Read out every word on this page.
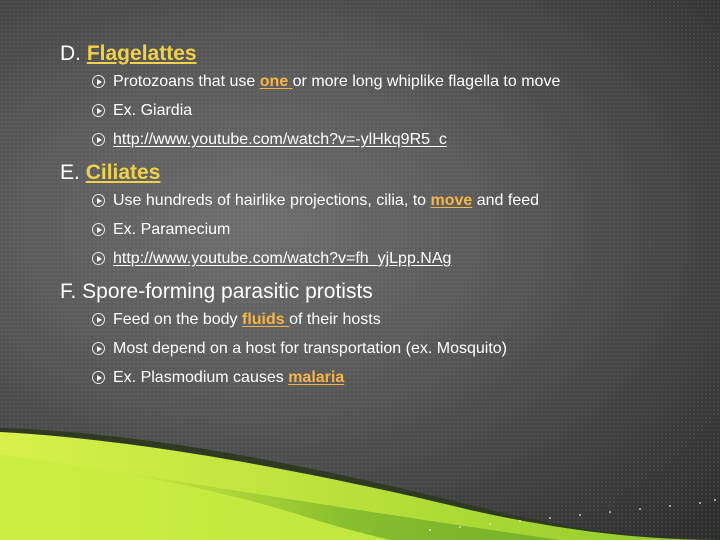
D. Flagelattes
Protozoans that use one or more long whiplike flagella to move
Ex. Giardia
http://www.youtube.com/watch?v=-ylHkq9R5_c
E. Ciliates
Use hundreds of hairlike projections, cilia, to move and feed
Ex. Paramecium
http://www.youtube.com/watch?v=fh_yjLpp.NAg
F. Spore-forming parasitic protists
Feed on the body fluids of their hosts
Most depend on a host for transportation (ex. Mosquito)
Ex. Plasmodium causes malaria
